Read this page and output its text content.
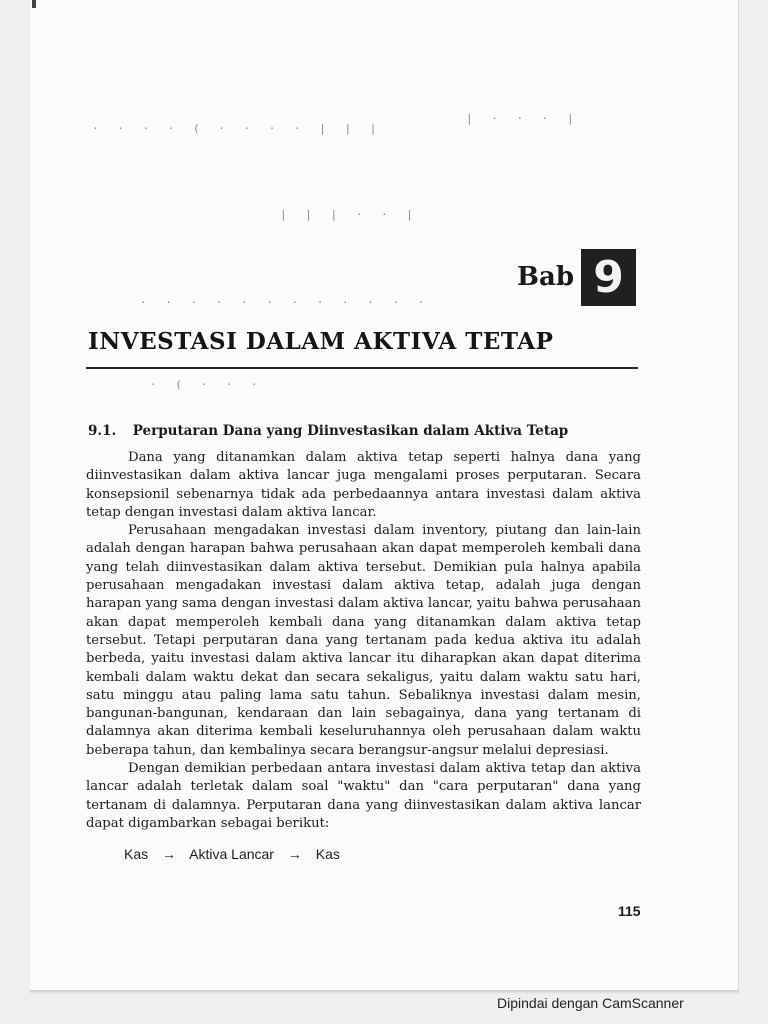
· · · · ( · · · · | | |
| · · · |
| | | · · |
· · · · · · · · · · · ·
· ( · · ·
Bab 9
INVESTASI DALAM AKTIVA TETAP
9.1. Perputaran Dana yang Diinvestasikan dalam Aktiva Tetap

Dana yang ditanamkan dalam aktiva tetap seperti halnya dana yang diinvestasikan dalam aktiva lancar juga mengalami proses perputaran. Secara konsepsionil sebenarnya tidak ada perbedaannya antara investasi dalam aktiva tetap dengan investasi dalam aktiva lancar.

Perusahaan mengadakan investasi dalam inventory, piutang dan lain-lain adalah dengan harapan bahwa perusahaan akan dapat memperoleh kembali dana yang telah diinvestasikan dalam aktiva tersebut. Demikian pula halnya apabila perusahaan mengadakan investasi dalam aktiva tetap, adalah juga dengan harapan yang sama dengan investasi dalam aktiva lancar, yaitu bahwa perusahaan akan dapat memperoleh kembali dana yang ditanamkan dalam aktiva tetap tersebut. Tetapi perputaran dana yang tertanam pada kedua aktiva itu adalah berbeda, yaitu investasi dalam aktiva lancar itu diharapkan akan dapat diterima kembali dalam waktu dekat dan secara sekaligus, yaitu dalam waktu satu hari, satu minggu atau paling lama satu tahun. Sebaliknya investasi dalam mesin, bangunan-bangunan, kendaraan dan lain sebagainya, dana yang tertanam di dalamnya akan diterima kembali keseluruhannya oleh perusahaan dalam waktu beberapa tahun, dan kembalinya secara berangsur-angsur melalui depresiasi.

Dengan demikian perbedaan antara investasi dalam aktiva tetap dan aktiva lancar adalah terletak dalam soal "waktu" dan "cara perputaran" dana yang tertanam di dalamnya. Perputaran dana yang diinvestasikan dalam aktiva lancar dapat digambarkan sebagai berikut:

Kas → Aktiva Lancar → Kas
115
Dipindai dengan CamScanner
